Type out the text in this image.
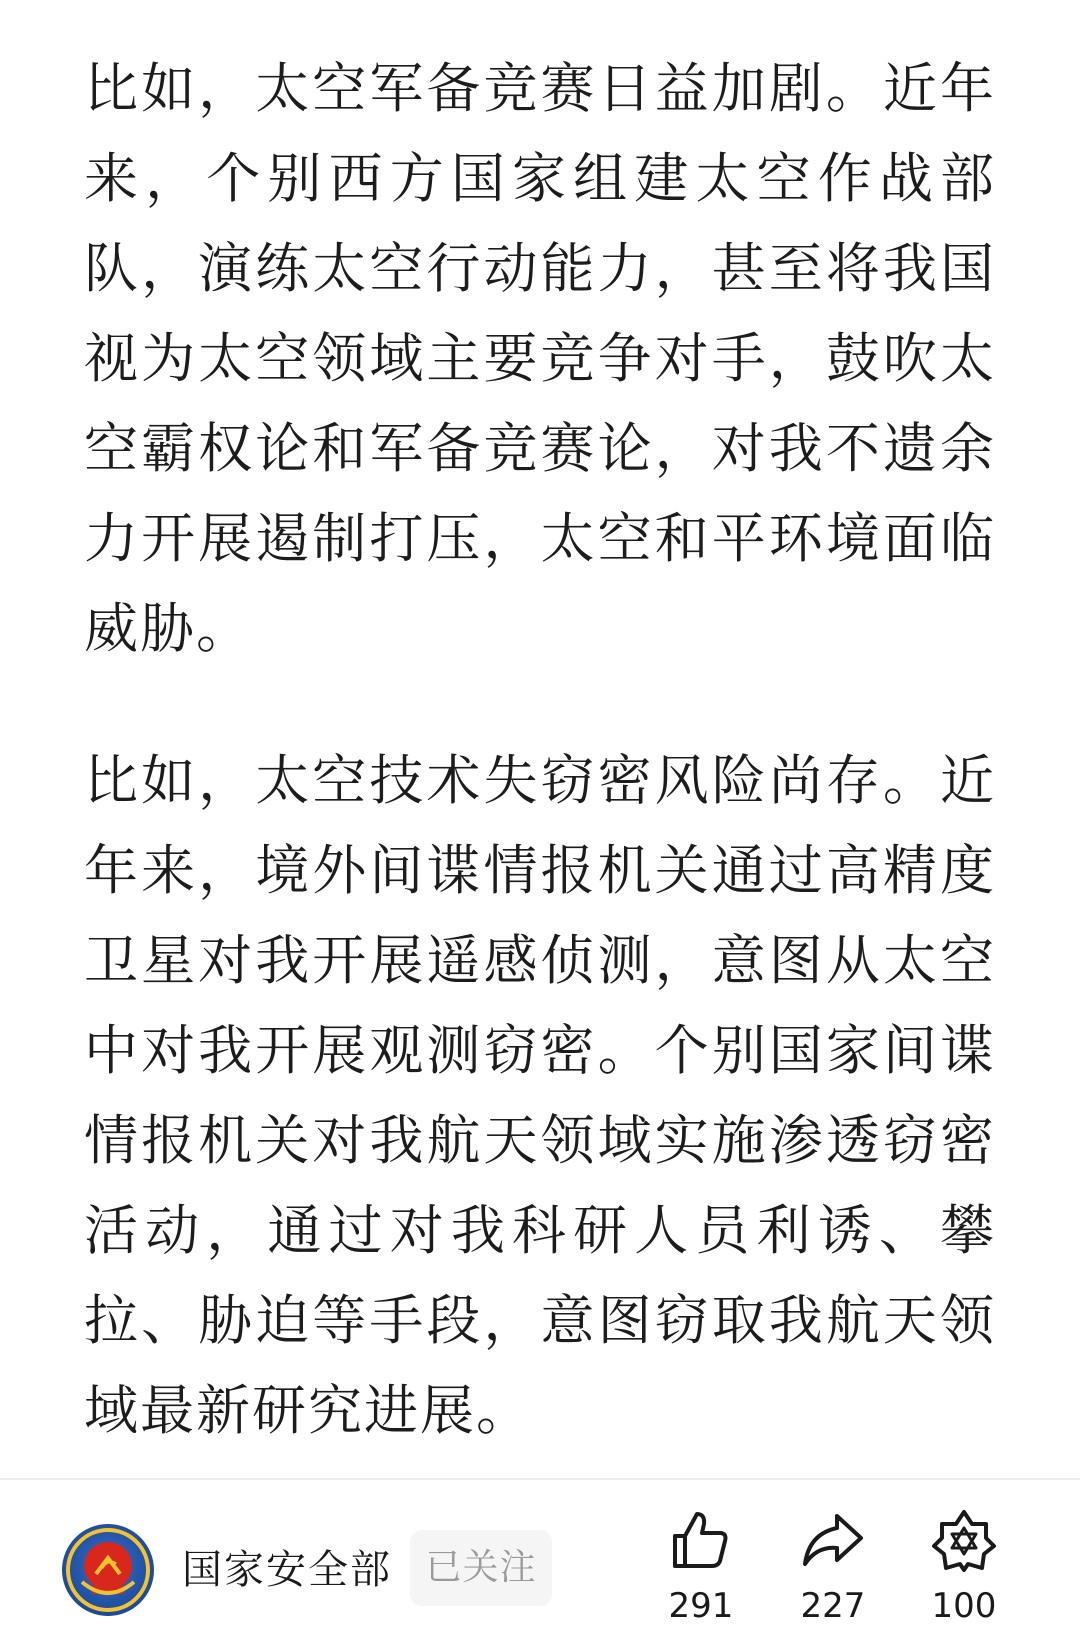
比如，太空军备竞赛日益加剧。近年来，个别西方国家组建太空作战部队，演练太空行动能力，甚至将我国视为太空领域主要竞争对手，鼓吹太空霸权论和军备竞赛论，对我不遗余力开展遏制打压，太空和平环境面临威胁。

比如，太空技术失窃密风险尚存。近年来，境外间谍情报机关通过高精度卫星对我开展遥感侦测，意图从太空中对我开展观测窃密。个别国家间谍情报机关对我航天领域实施渗透窃密活动，通过对我科研人员利诱、攀拉、胁迫等手段，意图窃取我航天领域最新研究进展。

国家安全部 已关注
291	227	100
